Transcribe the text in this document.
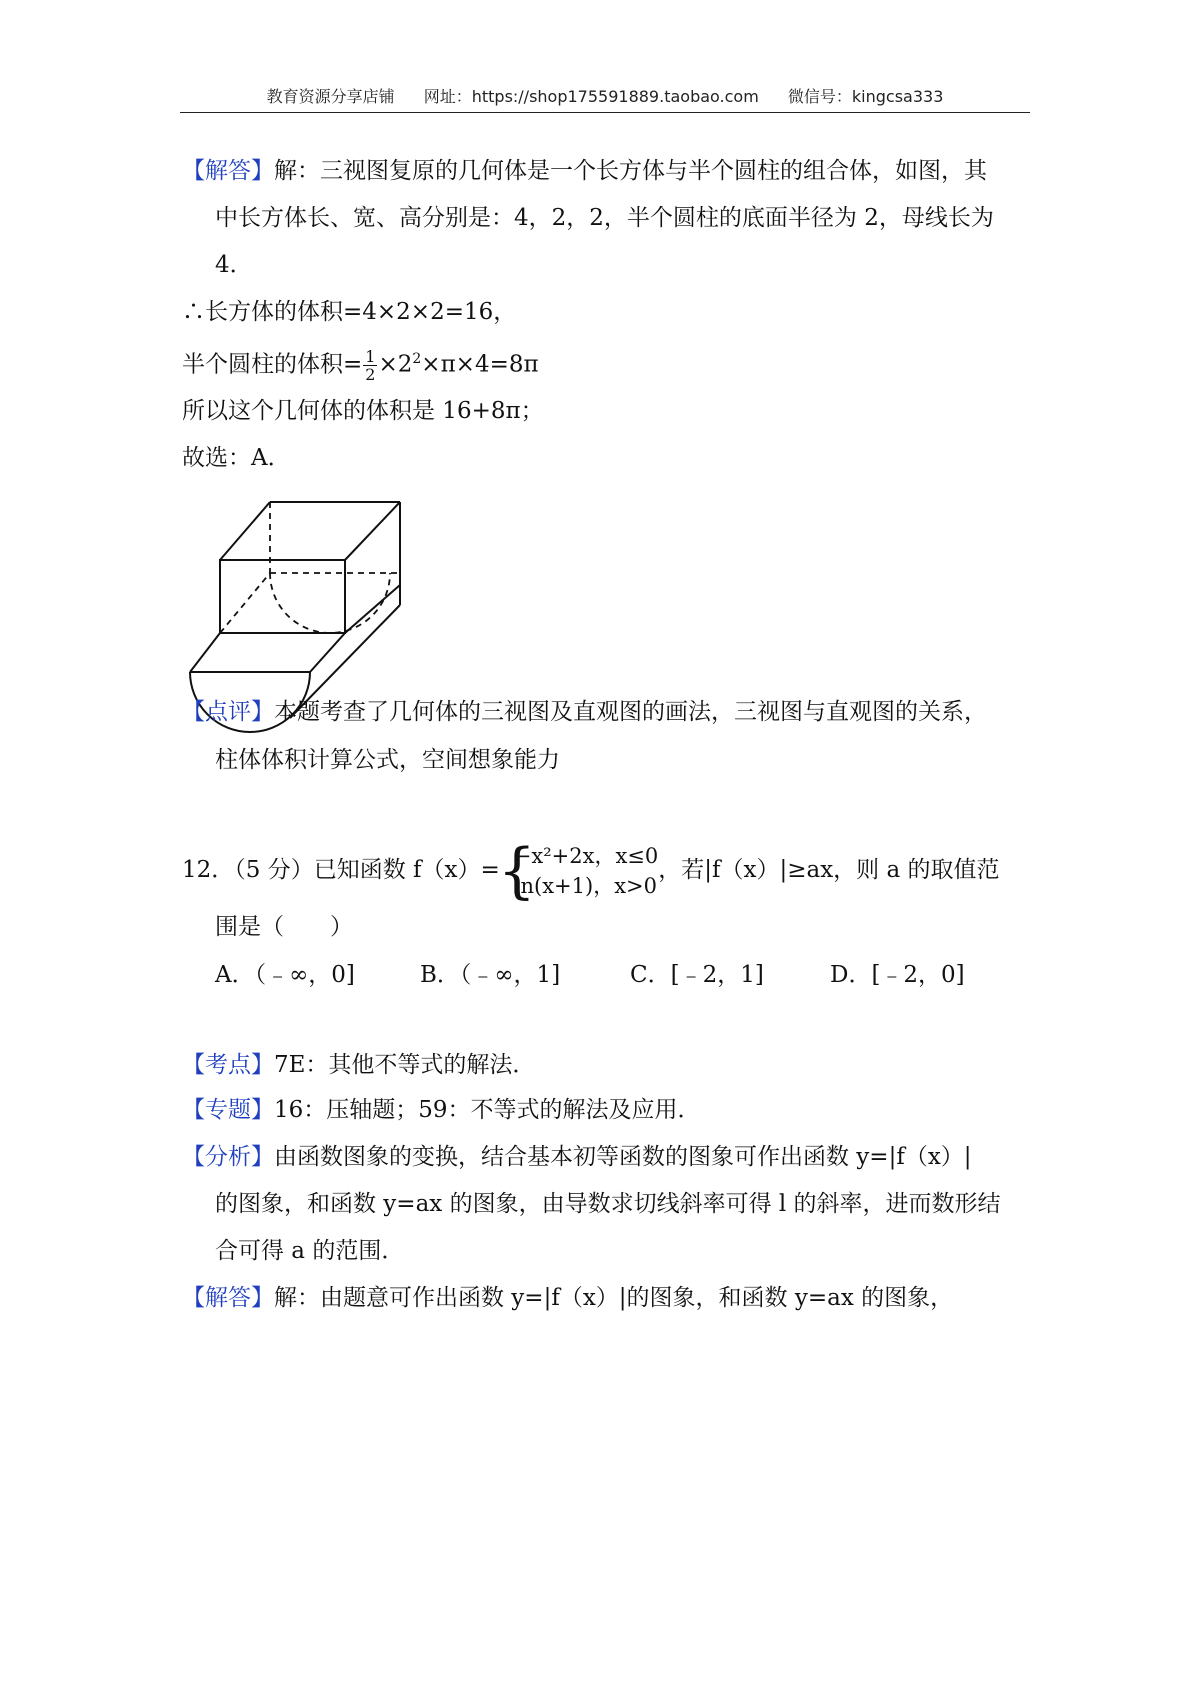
教育资源分享店铺 网址：https://shop175591889.taobao.com 微信号：kingcsa333
【解答】解：三视图复原的几何体是一个长方体与半个圆柱的组合体，如图，其
中长方体长、宽、高分别是：4，2，2，半个圆柱的底面半径为 2，母线长为
4．
∴长方体的体积=4×2×2=16，
半个圆柱的体积= $\frac{1}{2} \times 2^2\times\pi\times 4=8\pi$
所以这个几何体的体积是 16+8π；
故选：A．
【点评】本题考查了几何体的三视图及直观图的画法，三视图与直观图的关系，
柱体体积计算公式，空间想象能力
12．（5 分）已知函数 f（x）=
{
−x²+2x，x≤0
ln(x+1)，x>0
，若|f（x）|≥ax，则 a 的取值范
围是（　　）
A．（﹣∞，0]	B．（﹣∞，1]	C．[﹣2，1]	D．[﹣2，0]
【考点】7E：其他不等式的解法．
【专题】16：压轴题；59：不等式的解法及应用．
【分析】由函数图象的变换，结合基本初等函数的图象可作出函数 y=|f（x）|
的图象，和函数 y=ax 的图象，由导数求切线斜率可得 l 的斜率，进而数形结
合可得 a 的范围．
【解答】解：由题意可作出函数 y=|f（x）|的图象，和函数 y=ax 的图象，
